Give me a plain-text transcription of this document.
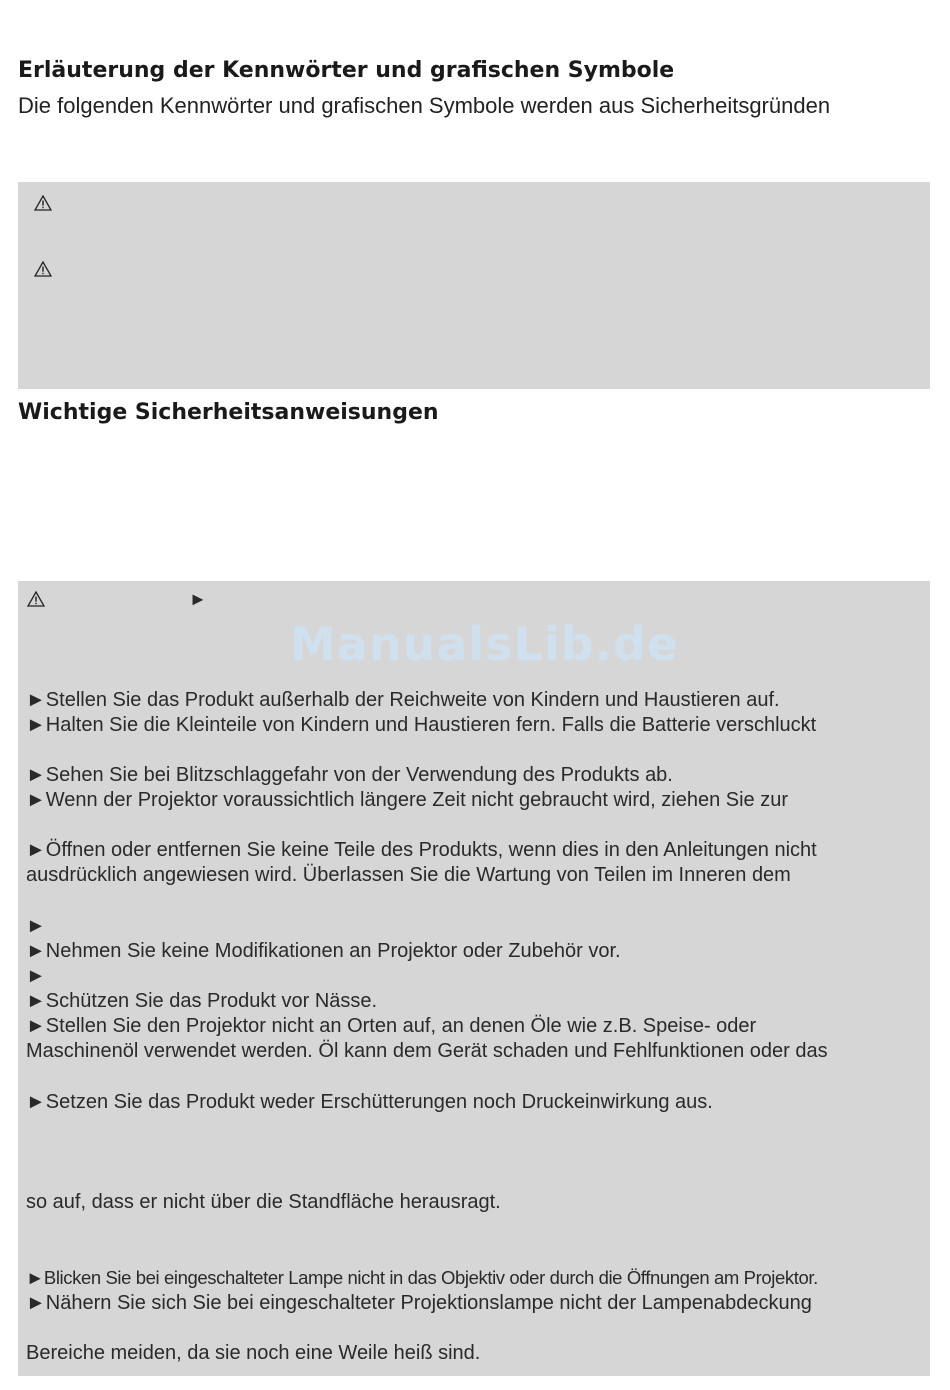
Erläuterung der Kennwörter und grafischen Symbole

Die folgenden Kennwörter und grafischen Symbole werden aus Sicherheitsgründen

Wichtige Sicherheitsanweisungen
►
ManualsLib.de
►Stellen Sie das Produkt außerhalb der Reichweite von Kindern und Haustieren auf.
►Halten Sie die Kleinteile von Kindern und Haustieren fern. Falls die Batterie verschluckt
►Sehen Sie bei Blitzschlaggefahr von der Verwendung des Produkts ab.
►Wenn der Projektor voraussichtlich längere Zeit nicht gebraucht wird, ziehen Sie zur
►Öffnen oder entfernen Sie keine Teile des Produkts, wenn dies in den Anleitungen nicht
ausdrücklich angewiesen wird. Überlassen Sie die Wartung von Teilen im Inneren dem
►
►Nehmen Sie keine Modifikationen an Projektor oder Zubehör vor.
►
►Schützen Sie das Produkt vor Nässe.
►Stellen Sie den Projektor nicht an Orten auf, an denen Öle wie z.B. Speise- oder
Maschinenöl verwendet werden. Öl kann dem Gerät schaden und Fehlfunktionen oder das
►Setzen Sie das Produkt weder Erschütterungen noch Druckeinwirkung aus.
so auf, dass er nicht über die Standfläche herausragt.
►Blicken Sie bei eingeschalteter Lampe nicht in das Objektiv oder durch die Öffnungen am Projektor.
►Nähern Sie sich Sie bei eingeschalteter Projektionslampe nicht der Lampenabdeckung
Bereiche meiden, da sie noch eine Weile heiß sind.
